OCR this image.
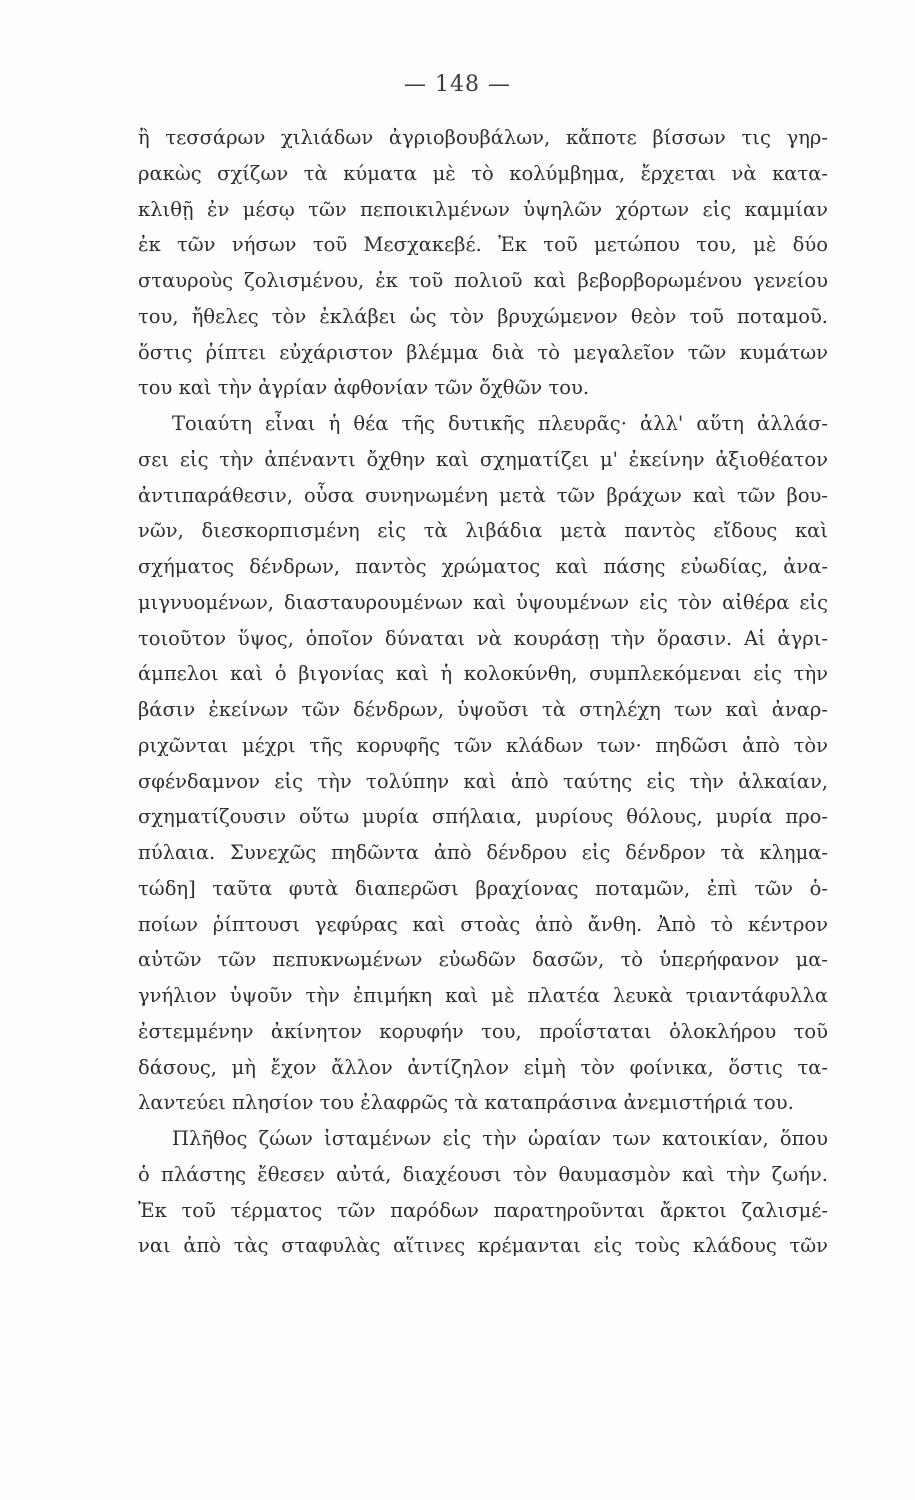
— 148 —
ἢ τεσσάρων χιλιάδων ἀγριοβουβάλων, κἄποτε βίσσων τις γηρ-
ρακὼς σχίζων τὰ κύματα μὲ τὸ κολύμβημα, ἔρχεται νὰ κατα-
κλιθῇ ἐν μέσῳ τῶν πεποικιλμένων ὑψηλῶν χόρτων εἰς καμμίαν
ἐκ τῶν νήσων τοῦ Μεσχακεβέ. Ἐκ τοῦ μετώπου του, μὲ δύο
σταυροὺς ζολισμένου, ἐκ τοῦ πολιοῦ καὶ βεβορβορωμένου γενείου
του, ἤθελες τὸν ἐκλάβει ὡς τὸν βρυχώμενον θεὸν τοῦ ποταμοῦ.
ὅστις ῥίπτει εὐχάριστον βλέμμα διὰ τὸ μεγαλεῖον τῶν κυμάτων
του καὶ τὴν ἀγρίαν ἀφθονίαν τῶν ὄχθῶν του.
Τοιαύτη εἶναι ἡ θέα τῆς δυτικῆς πλευρᾶς· ἀλλ' αὕτη ἀλλάσ-
σει εἰς τὴν ἀπέναντι ὄχθην καὶ σχηματίζει μ' ἐκείνην ἀξιοθέατον
ἀντιπαράθεσιν, οὖσα συνηνωμένη μετὰ τῶν βράχων καὶ τῶν βου-
νῶν, διεσκορπισμένη εἰς τὰ λιβάδια μετὰ παντὸς εἴδους καὶ
σχήματος δένδρων, παντὸς χρώματος καὶ πάσης εὐωδίας, ἀνα-
μιγνυομένων, διασταυρουμένων καὶ ὑψουμένων εἰς τὸν αἰθέρα εἰς
τοιοῦτον ὕψος, ὁποῖον δύναται νὰ κουράσῃ τὴν ὅρασιν. Αἱ ἀγρι-
άμπελοι καὶ ὁ βιγονίας καὶ ἡ κολοκύνθη, συμπλεκόμεναι εἰς τὴν
βάσιν ἐκείνων τῶν δένδρων, ὑψοῦσι τὰ στηλέχη των καὶ ἀναρ-
ριχῶνται μέχρι τῆς κορυφῆς τῶν κλάδων των· πηδῶσι ἀπὸ τὸν
σφένδαμνον εἰς τὴν τολύπην καὶ ἀπὸ ταύτης εἰς τὴν ἀλκαίαν,
σχηματίζουσιν οὕτω μυρία σπήλαια, μυρίους θόλους, μυρία προ-
πύλαια. Συνεχῶς πηδῶντα ἀπὸ δένδρου εἰς δένδρον τὰ κλημα-
τώδη] ταῦτα φυτὰ διαπερῶσι βραχίονας ποταμῶν, ἐπὶ τῶν ὁ-
ποίων ῥίπτουσι γεφύρας καὶ στοὰς ἀπὸ ἄνθη. Ἀπὸ τὸ κέντρον
αὐτῶν τῶν πεπυκνωμένων εὐωδῶν δασῶν, τὸ ὑπερήφανον μα-
γνήλιον ὑψοῦν τὴν ἐπιμήκη καὶ μὲ πλατέα λευκὰ τριαντάφυλλα
ἐστεμμένην ἀκίνητον κορυφήν του, προΐσταται ὁλοκλήρου τοῦ
δάσους, μὴ ἔχον ἄλλον ἀντίζηλον εἰμὴ τὸν φοίνικα, ὅστις τα-
λαντεύει πλησίον του ἐλαφρῶς τὰ καταπράσινα ἀνεμιστήριά του.
Πλῆθος ζώων ἱσταμένων εἰς τὴν ὡραίαν των κατοικίαν, ὅπου
ὁ πλάστης ἔθεσεν αὐτά, διαχέουσι τὸν θαυμασμὸν καὶ τὴν ζωήν.
Ἐκ τοῦ τέρματος τῶν παρόδων παρατηροῦνται ἄρκτοι ζαλισμέ-
ναι ἀπὸ τὰς σταφυλὰς αἵτινες κρέμανται εἰς τοὺς κλάδους τῶν
